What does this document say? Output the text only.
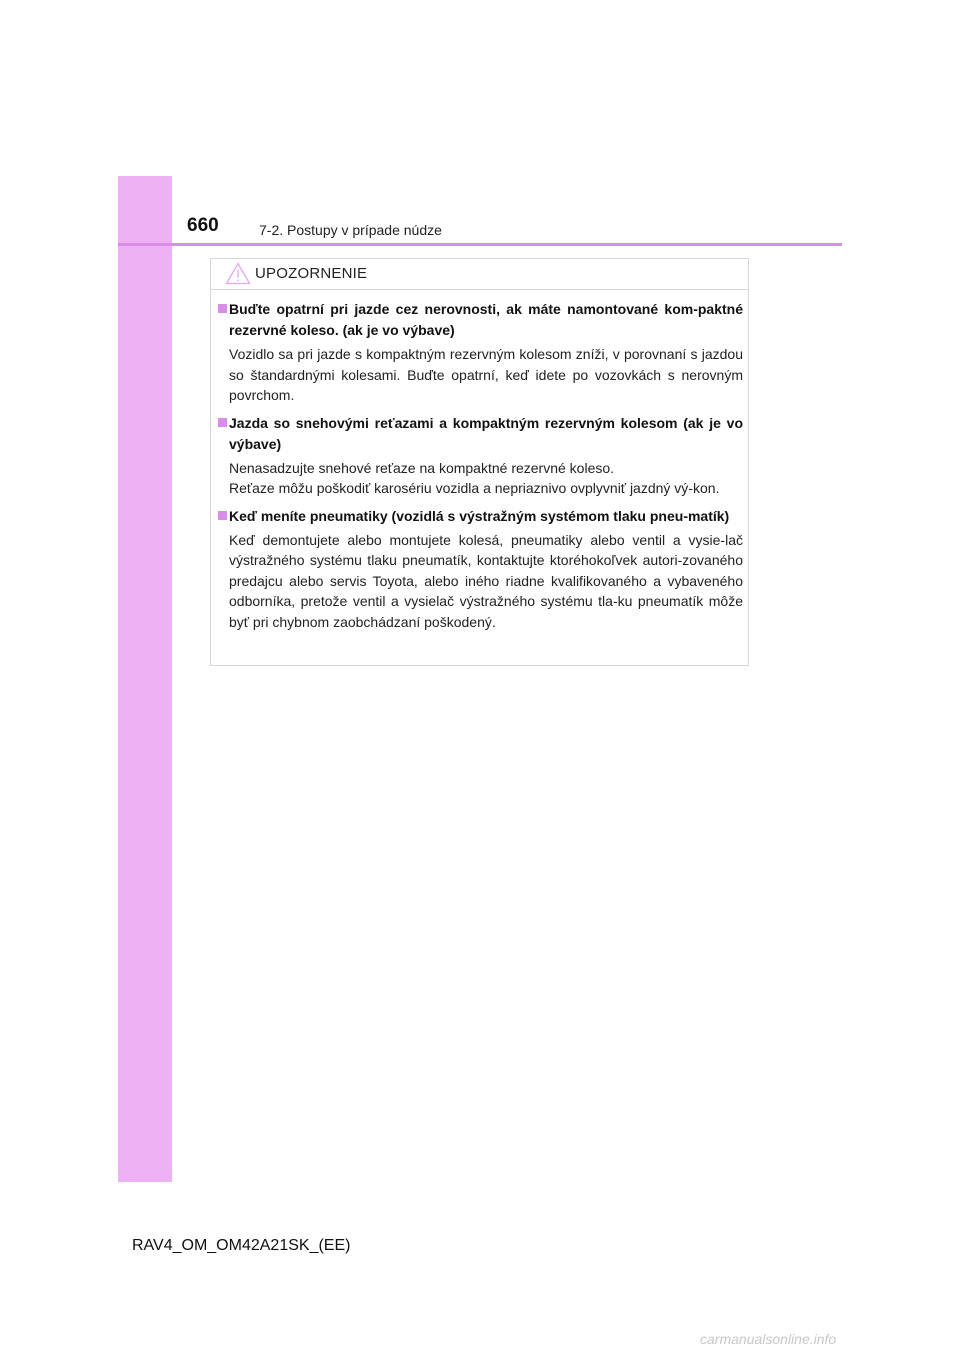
660	7-2. Postupy v prípade núdze
UPOZORNENIE
Buďte opatrní pri jazde cez nerovnosti, ak máte namontované kom-paktné rezervné koleso. (ak je vo výbave)
Vozidlo sa pri jazde s kompaktným rezervným kolesom zníži, v porovnaní s jazdou so štandardnými kolesami. Buďte opatrní, keď idete po vozovkách s nerovným povrchom.
Jazda so snehovými reťazami a kompaktným rezervným kolesom (ak je vo výbave)
Nenasadzujte snehové reťaze na kompaktné rezervné koleso.
Reťaze môžu poškodiť karosériu vozidla a nepriaznivo ovplyvniť jazdný vý-kon.
Keď meníte pneumatiky (vozidlá s výstražným systémom tlaku pneu-matík)
Keď demontujete alebo montujete kolesá, pneumatiky alebo ventil a vysie-lač výstražného systému tlaku pneumatík, kontaktujte ktoréhokoľvek autori-zovaného predajcu alebo servis Toyota, alebo iného riadne kvalifikovaného a vybaveného odborníka, pretože ventil a vysielač výstražného systému tla-ku pneumatík môže byť pri chybnom zaobchádzaní poškodený.
RAV4_OM_OM42A21SK_(EE)
carmanualsonline.info
